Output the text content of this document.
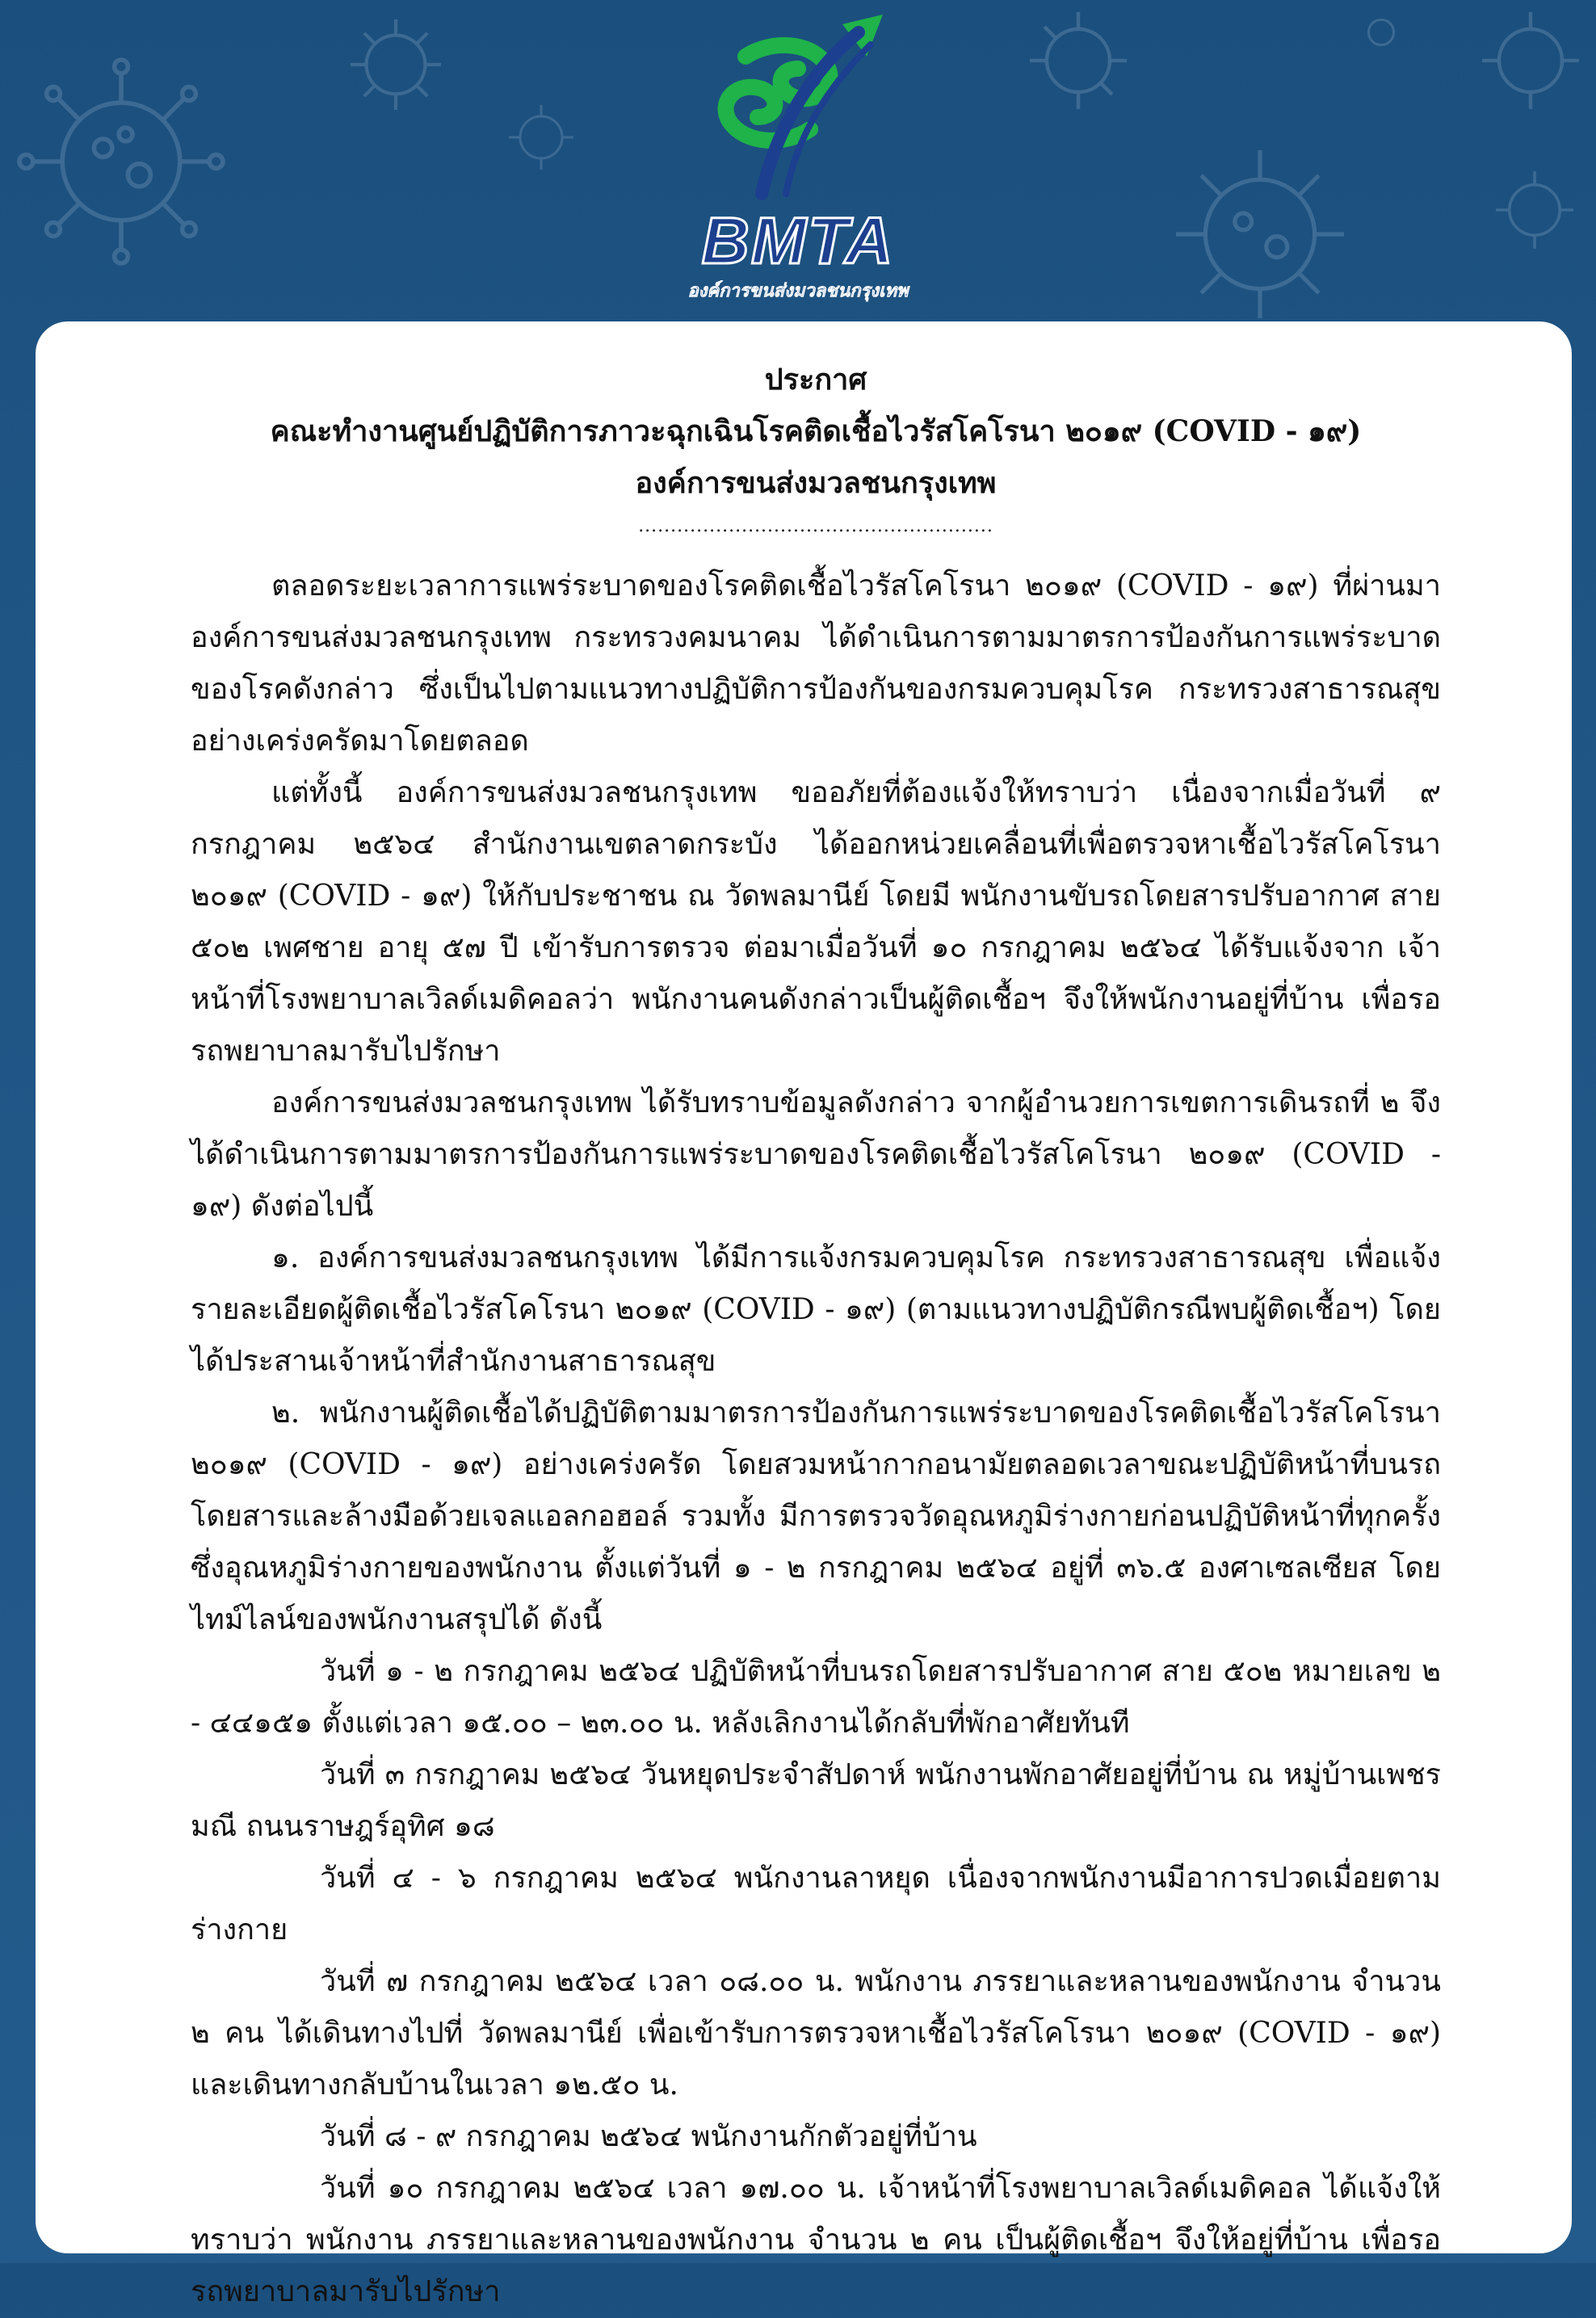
BMTA
องค์การขนส่งมวลชนกรุงเทพ
ประกาศ
คณะทำงานศูนย์ปฏิบัติการภาวะฉุกเฉินโรคติดเชื้อไวรัสโคโรนา ๒๐๑๙ (COVID - ๑๙)
องค์การขนส่งมวลชนกรุงเทพ
.......................................................
ตลอดระยะเวลาการแพร่ระบาดของโรคติดเชื้อไวรัสโคโรนา ๒๐๑๙ (COVID - ๑๙) ที่ผ่านมาองค์การขนส่งมวลชนกรุงเทพ กระทรวงคมนาคม ได้ดำเนินการตามมาตรการป้องกันการแพร่ระบาดของโรคดังกล่าว ซึ่งเป็นไปตามแนวทางปฏิบัติการป้องกันของกรมควบคุมโรค กระทรวงสาธารณสุข อย่างเคร่งครัดมาโดยตลอด
แต่ทั้งนี้ องค์การขนส่งมวลชนกรุงเทพ ขออภัยที่ต้องแจ้งให้ทราบว่า เนื่องจากเมื่อวันที่ ๙ กรกฎาคม ๒๕๖๔ สำนักงานเขตลาดกระบัง ได้ออกหน่วยเคลื่อนที่เพื่อตรวจหาเชื้อไวรัสโคโรนา ๒๐๑๙ (COVID - ๑๙) ให้กับประชาชน ณ วัดพลมานีย์ โดยมี พนักงานขับรถโดยสารปรับอากาศ สาย ๕๐๒ เพศชาย อายุ ๕๗ ปี เข้ารับการตรวจ ต่อมาเมื่อวันที่ ๑๐ กรกฎาคม ๒๕๖๔ ได้รับแจ้งจาก เจ้าหน้าที่โรงพยาบาลเวิลด์เมดิคอลว่า พนักงานคนดังกล่าวเป็นผู้ติดเชื้อฯ จึงให้พนักงานอยู่ที่บ้าน เพื่อรอรถพยาบาลมารับไปรักษา
องค์การขนส่งมวลชนกรุงเทพ ได้รับทราบข้อมูลดังกล่าว จากผู้อำนวยการเขตการเดินรถที่ ๒ จึงได้ดำเนินการตามมาตรการป้องกันการแพร่ระบาดของโรคติดเชื้อไวรัสโคโรนา ๒๐๑๙ (COVID - ๑๙) ดังต่อไปนี้
๑. องค์การขนส่งมวลชนกรุงเทพ ได้มีการแจ้งกรมควบคุมโรค กระทรวงสาธารณสุข เพื่อแจ้งรายละเอียดผู้ติดเชื้อไวรัสโคโรนา ๒๐๑๙ (COVID - ๑๙) (ตามแนวทางปฏิบัติกรณีพบผู้ติดเชื้อฯ) โดยได้ประสานเจ้าหน้าที่สำนักงานสาธารณสุข
๒. พนักงานผู้ติดเชื้อได้ปฏิบัติตามมาตรการป้องกันการแพร่ระบาดของโรคติดเชื้อไวรัสโคโรนา ๒๐๑๙ (COVID - ๑๙) อย่างเคร่งครัด โดยสวมหน้ากากอนามัยตลอดเวลาขณะปฏิบัติหน้าที่บนรถโดยสารและล้างมือด้วยเจลแอลกอฮอล์ รวมทั้ง มีการตรวจวัดอุณหภูมิร่างกายก่อนปฏิบัติหน้าที่ทุกครั้ง ซึ่งอุณหภูมิร่างกายของพนักงาน ตั้งแต่วันที่ ๑ - ๒ กรกฎาคม ๒๕๖๔ อยู่ที่ ๓๖.๕ องศาเซลเซียส โดยไทม์ไลน์ของพนักงานสรุปได้ ดังนี้
วันที่ ๑ - ๒ กรกฎาคม ๒๕๖๔ ปฏิบัติหน้าที่บนรถโดยสารปรับอากาศ สาย ๕๐๒ หมายเลข ๒ - ๔๔๑๕๑ ตั้งแต่เวลา ๑๕.๐๐ – ๒๓.๐๐ น. หลังเลิกงานได้กลับที่พักอาศัยทันที
วันที่ ๓ กรกฎาคม ๒๕๖๔ วันหยุดประจำสัปดาห์ พนักงานพักอาศัยอยู่ที่บ้าน ณ หมู่บ้านเพชรมณี ถนนราษฎร์อุทิศ ๑๘
วันที่ ๔ - ๖ กรกฎาคม ๒๕๖๔ พนักงานลาหยุด เนื่องจากพนักงานมีอาการปวดเมื่อยตามร่างกาย
วันที่ ๗ กรกฎาคม ๒๕๖๔ เวลา ๐๘.๐๐ น. พนักงาน ภรรยาและหลานของพนักงาน จำนวน ๒ คน ได้เดินทางไปที่ วัดพลมานีย์ เพื่อเข้ารับการตรวจหาเชื้อไวรัสโคโรนา ๒๐๑๙ (COVID - ๑๙) และเดินทางกลับบ้านในเวลา ๑๒.๕๐ น.
วันที่ ๘ - ๙ กรกฎาคม ๒๕๖๔ พนักงานกักตัวอยู่ที่บ้าน
วันที่ ๑๐ กรกฎาคม ๒๕๖๔ เวลา ๑๗.๐๐ น. เจ้าหน้าที่โรงพยาบาลเวิลด์เมดิคอล ได้แจ้งให้ทราบว่า พนักงาน ภรรยาและหลานของพนักงาน จำนวน ๒ คน เป็นผู้ติดเชื้อฯ จึงให้อยู่ที่บ้าน เพื่อรอรถพยาบาลมารับไปรักษา
